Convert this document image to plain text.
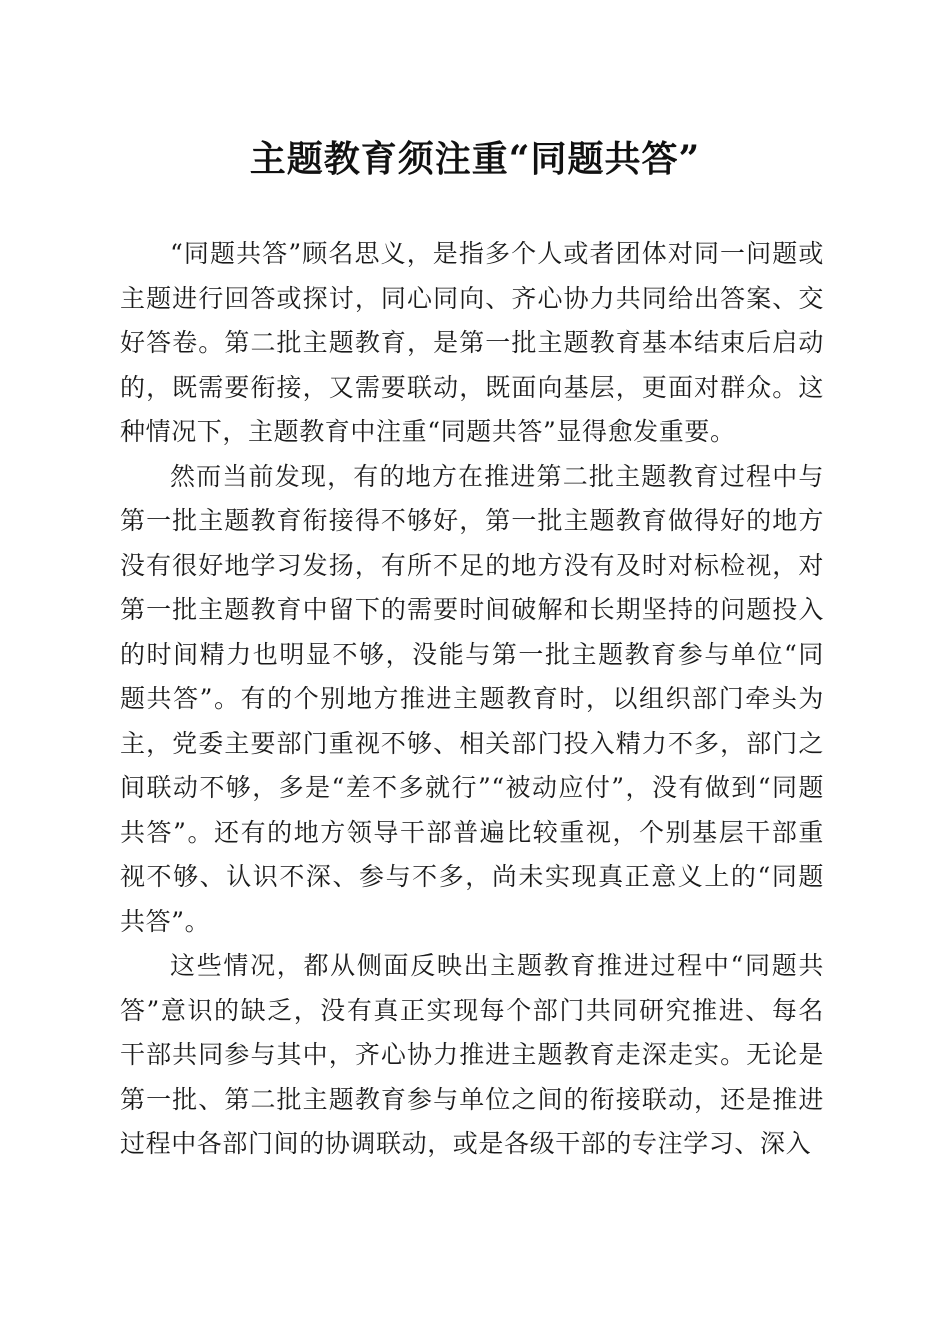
主题教育须注重“同题共答”

“同题共答”顾名思义，是指多个人或者团体对同一问题或主题进行回答或探讨，同心同向、齐心协力共同给出答案、交好答卷。第二批主题教育，是第一批主题教育基本结束后启动的，既需要衔接，又需要联动，既面向基层，更面对群众。这种情况下，主题教育中注重“同题共答”显得愈发重要。

然而当前发现，有的地方在推进第二批主题教育过程中与第一批主题教育衔接得不够好，第一批主题教育做得好的地方没有很好地学习发扬，有所不足的地方没有及时对标检视，对第一批主题教育中留下的需要时间破解和长期坚持的问题投入的时间精力也明显不够，没能与第一批主题教育参与单位“同题共答”。有的个别地方推进主题教育时，以组织部门牵头为主，党委主要部门重视不够、相关部门投入精力不多，部门之间联动不够，多是“差不多就行”“被动应付”，没有做到“同题共答”。还有的地方领导干部普遍比较重视，个别基层干部重视不够、认识不深、参与不多，尚未实现真正意义上的“同题共答”。

这些情况，都从侧面反映出主题教育推进过程中“同题共答”意识的缺乏，没有真正实现每个部门共同研究推进、每名干部共同参与其中，齐心协力推进主题教育走深走实。无论是第一批、第二批主题教育参与单位之间的衔接联动，还是推进过程中各部门间的协调联动，或是各级干部的专注学习、深入
